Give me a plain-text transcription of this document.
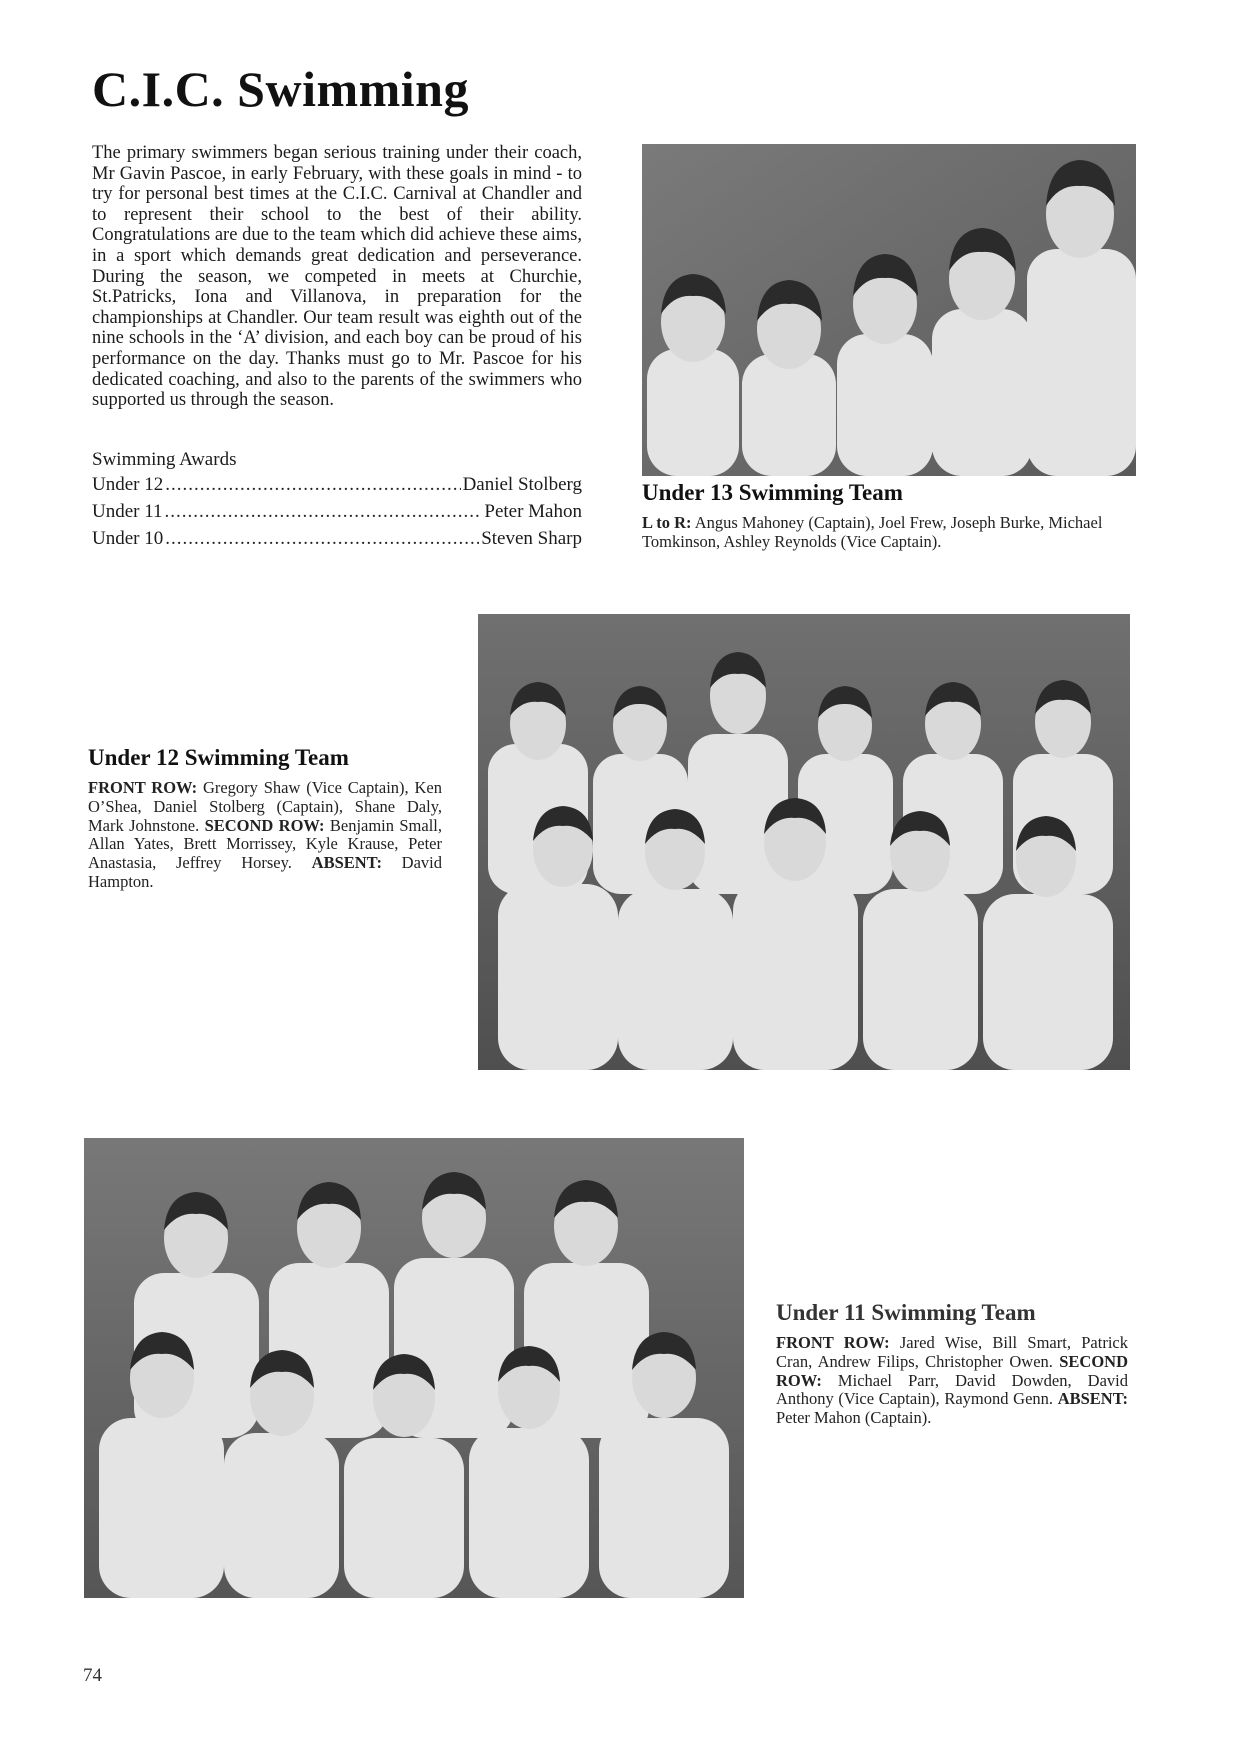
C.I.C. Swimming

The primary swimmers began serious training under their coach, Mr Gavin Pascoe, in early February, with these goals in mind - to try for personal best times at the C.I.C. Carnival at Chandler and to represent their school to the best of their ability. Congratulations are due to the team which did achieve these aims, in a sport which demands great dedication and perseverance. During the season, we competed in meets at Churchie, St.Patricks, Iona and Villanova, in preparation for the championships at Chandler. Our team result was eighth out of the nine schools in the ‘A’ division, and each boy can be proud of his performance on the day. Thanks must go to Mr. Pascoe for his dedicated coaching, and also to the parents of the swimmers who supported us through the season.

Swimming Awards
Under 12 .....	Daniel Stolberg
Under 11 .....	Peter Mahon
Under 10 .....	Steven Sharp
Under 13 Swimming Team

L to R: Angus Mahoney (Captain), Joel Frew, Joseph Burke, Michael Tomkinson, Ashley Reynolds (Vice Captain).

Under 12 Swimming Team

FRONT ROW: Gregory Shaw (Vice Captain), Ken O’Shea, Daniel Stolberg (Captain), Shane Daly, Mark Johnstone. SECOND ROW: Benjamin Small, Allan Yates, Brett Morrissey, Kyle Krause, Peter Anastasia, Jeffrey Horsey. ABSENT: David Hampton.

Under 11 Swimming Team

FRONT ROW: Jared Wise, Bill Smart, Patrick Cran, Andrew Filips, Christopher Owen. SECOND ROW: Michael Parr, David Dowden, David Anthony (Vice Captain), Raymond Genn. ABSENT: Peter Mahon (Captain).

74
